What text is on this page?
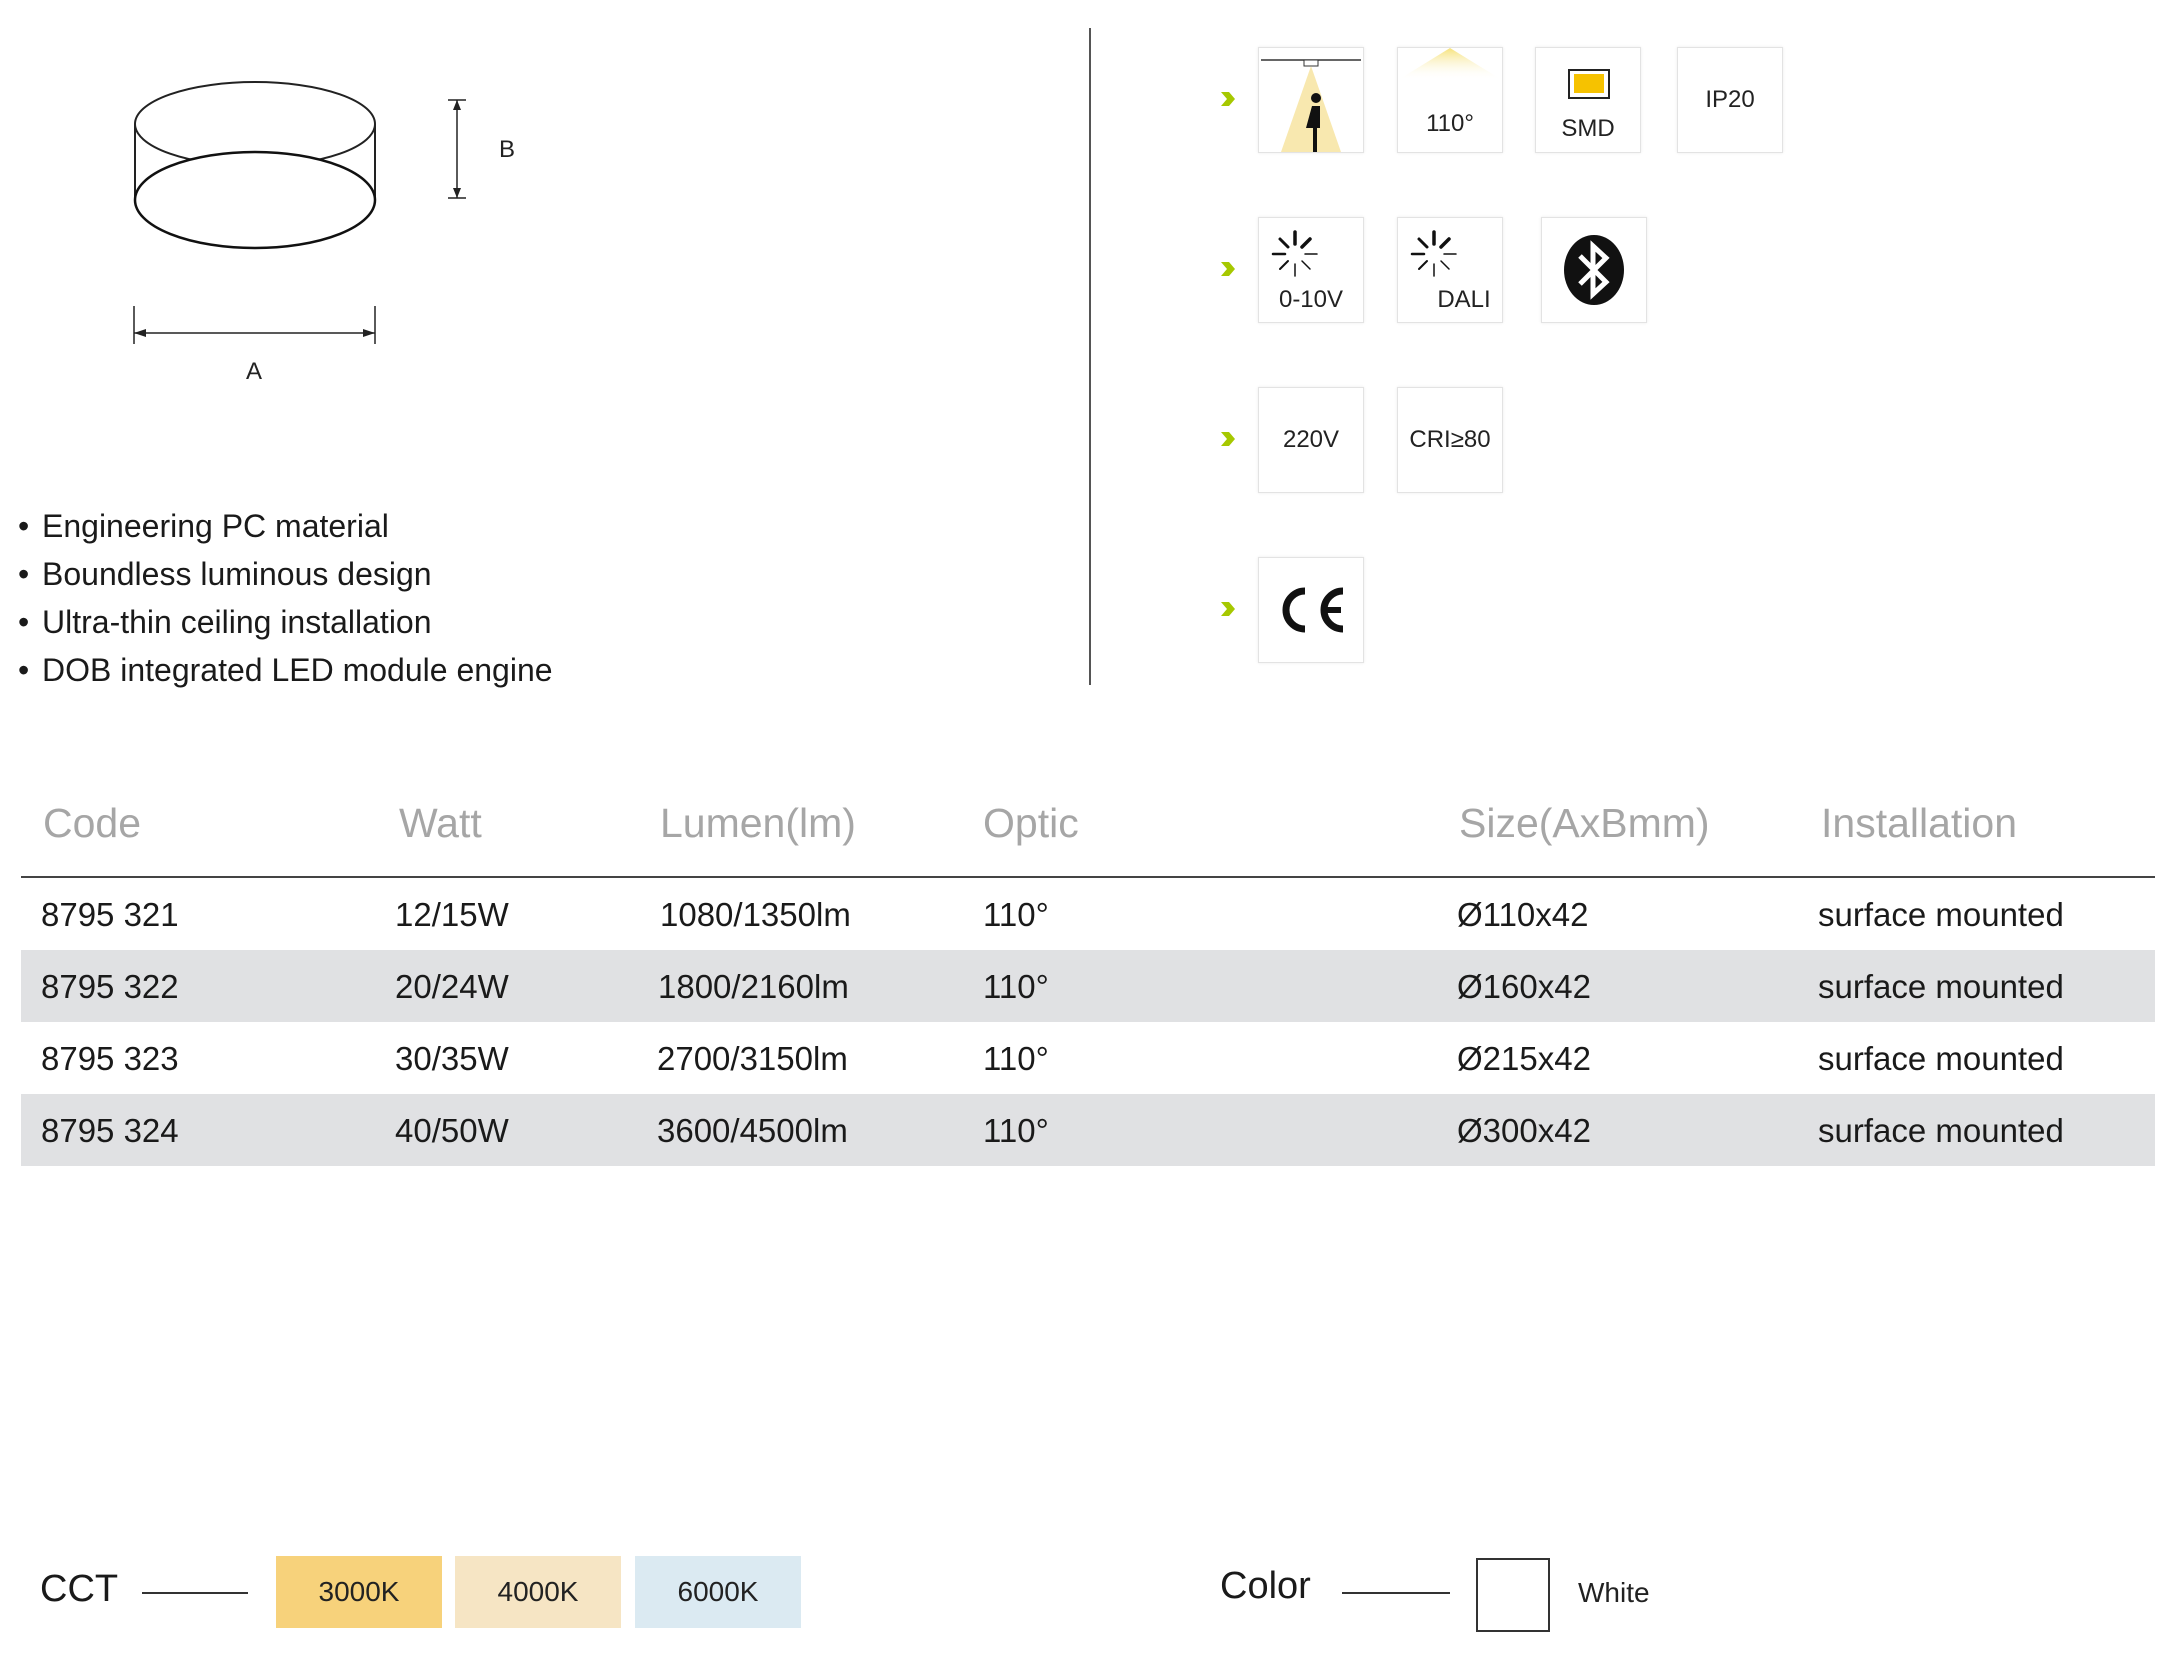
B
A
• Engineering PC material
• Boundless luminous design
• Ultra-thin ceiling installation
• DOB integrated LED module engine
110°	SMD
IP20
0-10V	DALI
220V	CRI≥80
Code	Watt	Lumen(lm)	Optic	Size(AxBmm)	Installation
8795 321	12/15W	1080/1350lm	110°	Ø110x42	surface mounted
8795 322	20/24W	1800/2160lm	110°	Ø160x42	surface mounted
8795 323	30/35W	2700/3150lm	110°	Ø215x42	surface mounted
8795 324	40/50W	3600/4500lm	110°	Ø300x42	surface mounted
CCT	3000K	4000K	6000K	Color	White
